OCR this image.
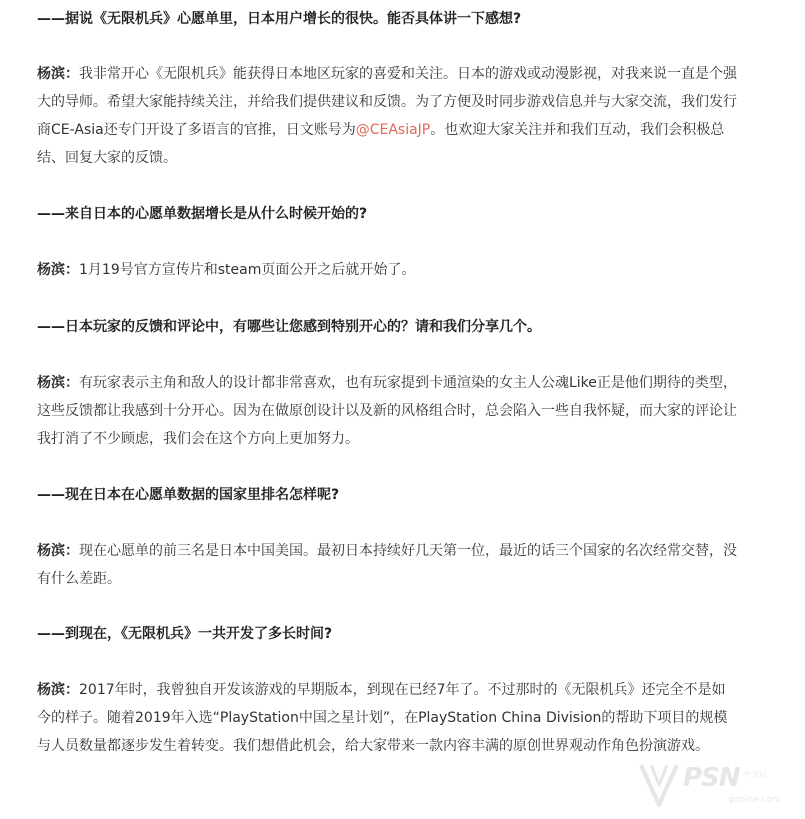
——据说《无限机兵》心愿单里，日本用户增长的很快。能否具体讲一下感想?
杨滨：我非常开心《无限机兵》能获得日本地区玩家的喜爱和关注。日本的游戏或动漫影视，对我来说一直是个强大的导师。希望大家能持续关注，并给我们提供建议和反馈。为了方便及时同步游戏信息并与大家交流，我们发行商CE-Asia还专门开设了多语言的官推，日文账号为@CEAsiaJP。也欢迎大家关注并和我们互动，我们会积极总结、回复大家的反馈。
——来自日本的心愿单数据增长是从什么时候开始的?
杨滨：1月19号官方宣传片和steam页面公开之后就开始了。
——日本玩家的反馈和评论中，有哪些让您感到特别开心的？请和我们分享几个。
杨滨：有玩家表示主角和敌人的设计都非常喜欢，也有玩家提到卡通渲染的女主人公魂Like正是他们期待的类型，这些反馈都让我感到十分开心。因为在做原创设计以及新的风格组合时，总会陷入一些自我怀疑，而大家的评论让我打消了不少顾虑，我们会在这个方向上更加努力。
——现在日本在心愿单数据的国家里排名怎样呢?
杨滨：现在心愿单的前三名是日本中国美国。最初日本持续好几天第一位，最近的话三个国家的名次经常交替，没有什么差距。
——到现在，《无限机兵》一共开发了多长时间?
杨滨：2017年时，我曾独自开发该游戏的早期版本，到现在已经7年了。不过那时的《无限机兵》还完全不是如今的样子。随着2019年入选“PlayStation中国之星计划”，在PlayStation China Division的帮助下项目的规模与人员数量都逐步发生着转变。我们想借此机会，给大家带来一款内容丰满的原创世界观动作角色扮演游戏。
PSN 中文站
psnine.com
